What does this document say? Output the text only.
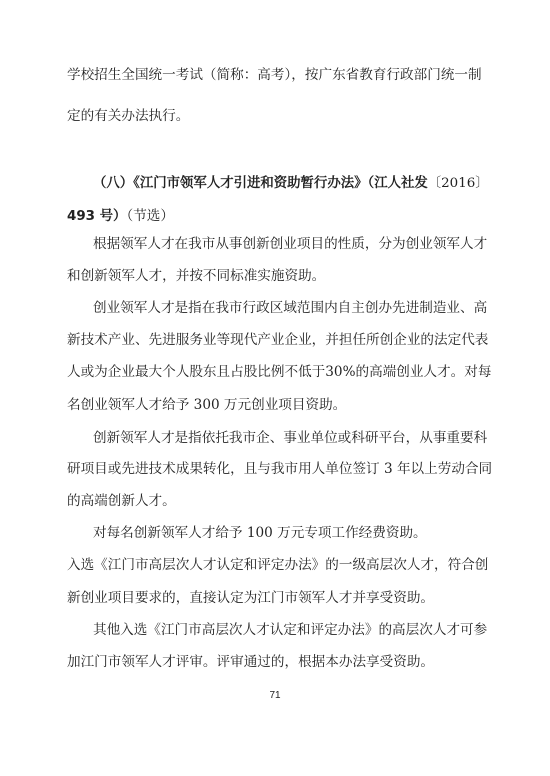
学校招生全国统一考试（简称：高考），按广东省教育行政部门统一制
定的有关办法执行。
（八）《江门市领军人才引进和资助暂行办法》（江人社发〔2016〕
493 号）（节选）
根据领军人才在我市从事创新创业项目的性质，分为创业领军人才
和创新领军人才，并按不同标准实施资助。
创业领军人才是指在我市行政区域范围内自主创办先进制造业、高
新技术产业、先进服务业等现代产业企业，并担任所创企业的法定代表
人或为企业最大个人股东且占股比例不低于30%的高端创业人才。对每
名创业领军人才给予 300 万元创业项目资助。
创新领军人才是指依托我市企、事业单位或科研平台，从事重要科
研项目或先进技术成果转化，且与我市用人单位签订 3 年以上劳动合同
的高端创新人才。
对每名创新领军人才给予 100 万元专项工作经费资助。
入选《江门市高层次人才认定和评定办法》的一级高层次人才，符合创
新创业项目要求的，直接认定为江门市领军人才并享受资助。
其他入选《江门市高层次人才认定和评定办法》的高层次人才可参
加江门市领军人才评审。评审通过的，根据本办法享受资助。
71
